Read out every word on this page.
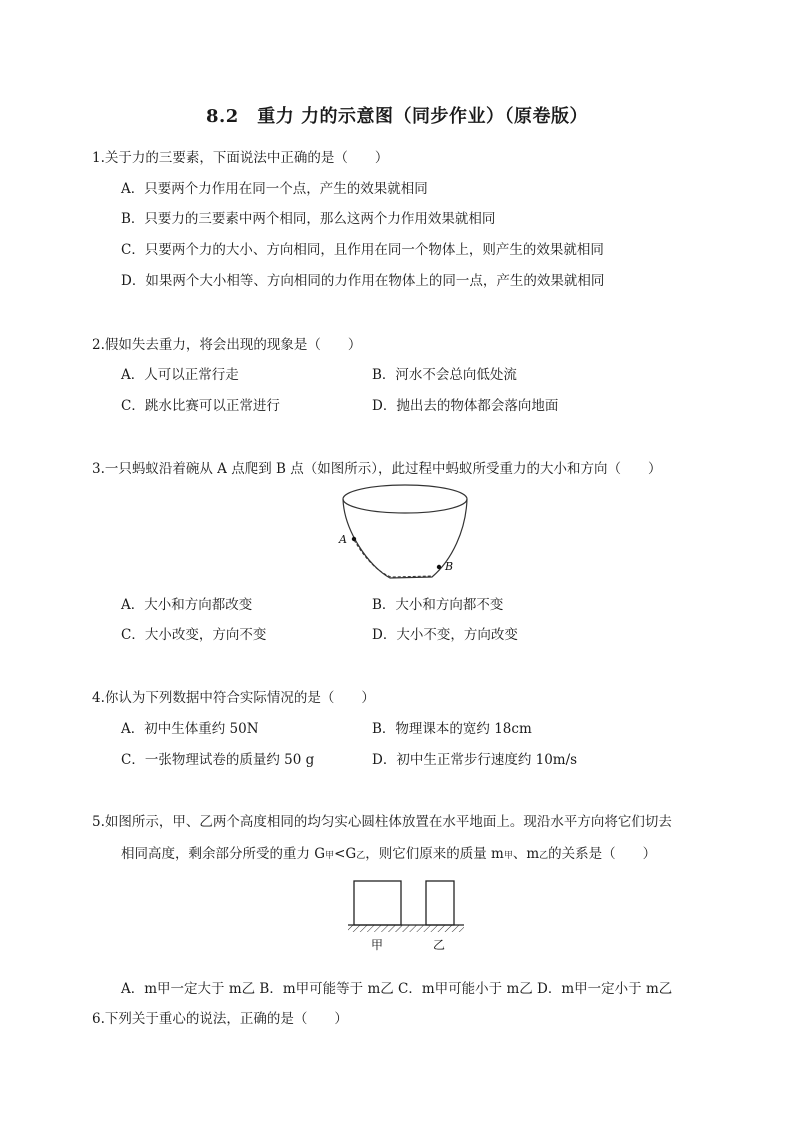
8.2　重力 力的示意图（同步作业）（原卷版）
1.关于力的三要素，下面说法中正确的是（　　）
A．只要两个力作用在同一个点，产生的效果就相同
B．只要力的三要素中两个相同，那么这两个力作用效果就相同
C．只要两个力的大小、方向相同，且作用在同一个物体上，则产生的效果就相同
D．如果两个大小相等、方向相同的力作用在物体上的同一点，产生的效果就相同
2.假如失去重力，将会出现的现象是（　　）
A．人可以正常行走	B．河水不会总向低处流
C．跳水比赛可以正常进行	D．抛出去的物体都会落向地面
3.一只蚂蚁沿着碗从 A 点爬到 B 点（如图所示），此过程中蚂蚁所受重力的大小和方向（　　）
A
B
A．大小和方向都改变	B．大小和方向都不变
C．大小改变，方向不变	D．大小不变，方向改变
4.你认为下列数据中符合实际情况的是（　　）
A．初中生体重约 50N	B．物理课本的宽约 18cm
C．一张物理试卷的质量约 50 g	D．初中生正常步行速度约 10m/s
5.如图所示，甲、乙两个高度相同的均匀实心圆柱体放置在水平地面上。现沿水平方向将它们切去
相同高度，剩余部分所受的重力 G甲<G乙，则它们原来的质量 m甲、m乙的关系是（　　）
甲	乙
A．m甲一定大于 m乙 B．m甲可能等于 m乙 C．m甲可能小于 m乙 D．m甲一定小于 m乙
6.下列关于重心的说法，正确的是（　　）
